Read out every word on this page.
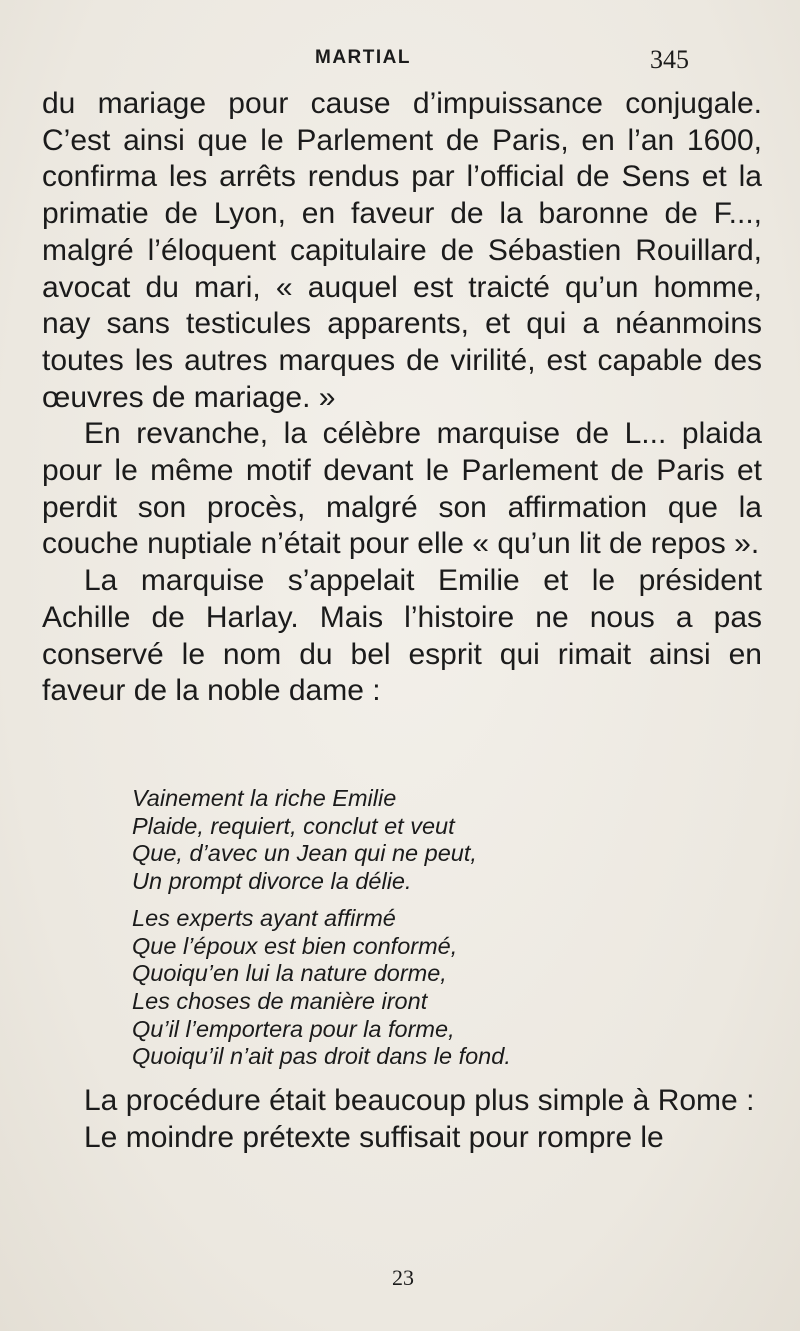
MARTIAL	345

du mariage pour cause d’impuissance conjugale. C’est ainsi que le Parlement de Paris, en l’an 1600, confirma les arrêts rendus par l’official de Sens et la primatie de Lyon, en faveur de la baronne de F..., malgré l’éloquent capitulaire de Sébastien Rouillard, avocat du mari, « auquel est traicté qu’un homme, nay sans testicules apparents, et qui a néanmoins toutes les autres marques de virilité, est capable des œuvres de mariage. »

En revanche, la célèbre marquise de L... plaida pour le même motif devant le Parlement de Paris et perdit son procès, malgré son affirmation que la couche nuptiale n’était pour elle « qu’un lit de repos ».

La marquise s’appelait Emilie et le président Achille de Harlay. Mais l’histoire ne nous a pas conservé le nom du bel esprit qui rimait ainsi en faveur de la noble dame :

Vainement la riche Emilie
Plaide, requiert, conclut et veut
Que, d’avec un Jean qui ne peut,
Un prompt divorce la délie.
Les experts ayant affirmé
Que l’époux est bien conformé,
Quoiqu’en lui la nature dorme,
Les choses de manière iront
Qu’il l’emportera pour la forme,
Quoiqu’il n’ait pas droit dans le fond.

La procédure était beaucoup plus simple à Rome :

Le moindre prétexte suffisait pour rompre le

23
